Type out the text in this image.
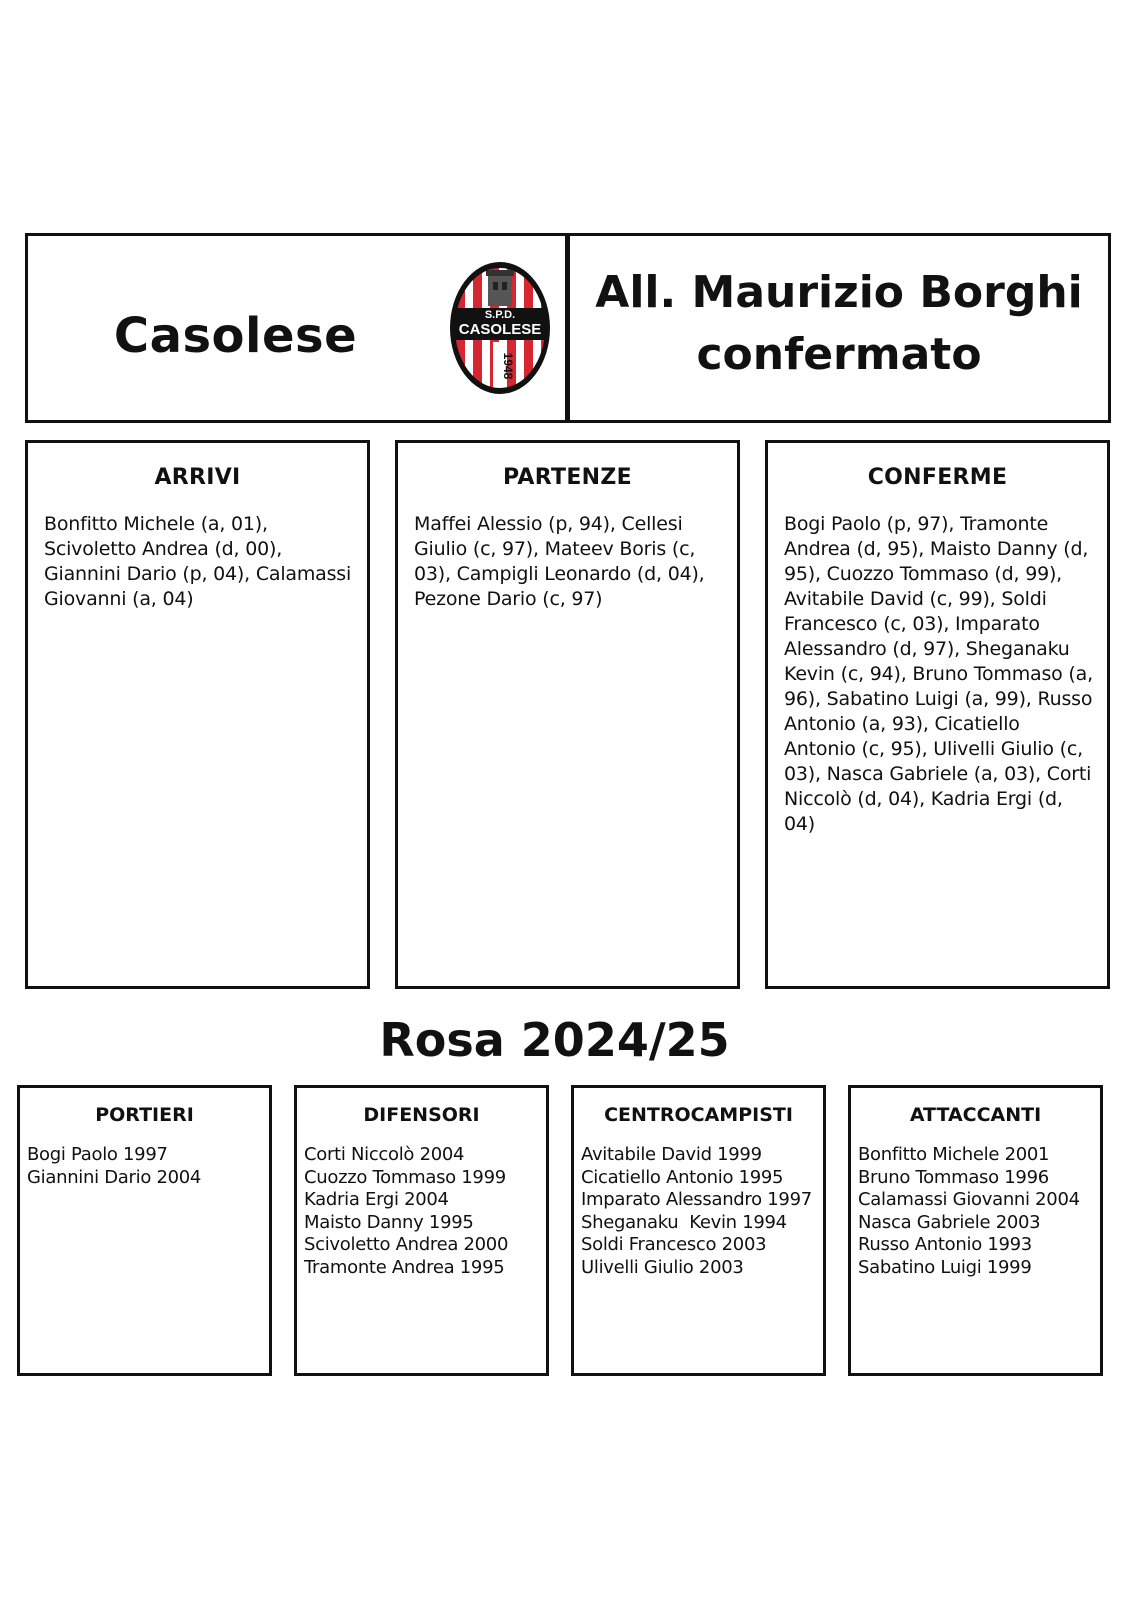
Casolese	S.P.D.
CASOLESE
1948
All. Maurizio Borghi
confermato
ARRIVI

Bonfitto Michele (a, 01), Scivoletto Andrea (d, 00), Giannini Dario (p, 04), Calamassi Giovanni (a, 04)

PARTENZE

Maffei Alessio (p, 94), Cellesi Giulio (c, 97), Mateev Boris (c, 03), Campigli Leonardo (d, 04), Pezone Dario (c, 97)

CONFERME

Bogi Paolo (p, 97), Tramonte Andrea (d, 95), Maisto Danny (d, 95), Cuozzo Tommaso (d, 99), Avitabile David (c, 99), Soldi Francesco (c, 03), Imparato Alessandro (d, 97), Sheganaku Kevin (c, 94), Bruno Tommaso (a, 96), Sabatino Luigi (a, 99), Russo Antonio (a, 93), Cicatiello Antonio (c, 95), Ulivelli Giulio (c, 03), Nasca Gabriele (a, 03), Corti Niccolò (d, 04), Kadria Ergi (d, 04)

Rosa 2024/25
PORTIERI
Bogi Paolo 1997
Giannini Dario 2004
DIFENSORI
Corti Niccolò 2004
Cuozzo Tommaso 1999
Kadria Ergi 2004
Maisto Danny 1995
Scivoletto Andrea 2000
Tramonte Andrea 1995
CENTROCAMPISTI
Avitabile David 1999
Cicatiello Antonio 1995
Imparato Alessandro 1997
Sheganaku  Kevin 1994
Soldi Francesco 2003
Ulivelli Giulio 2003
ATTACCANTI
Bonfitto Michele 2001
Bruno Tommaso 1996
Calamassi Giovanni 2004
Nasca Gabriele 2003
Russo Antonio 1993
Sabatino Luigi 1999
